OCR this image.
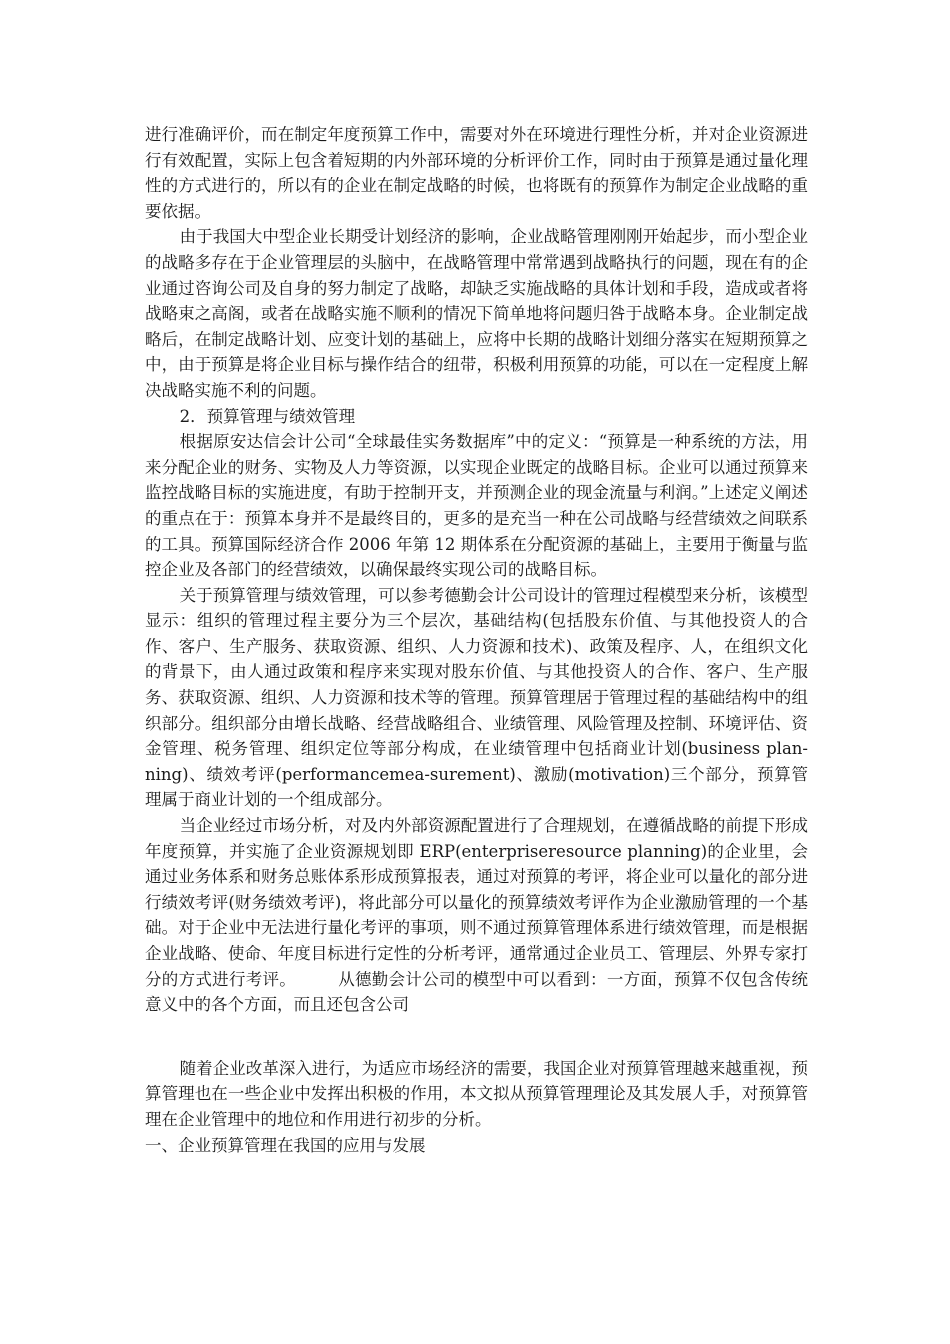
进行准确评价，而在制定年度预算工作中，需要对外在环境进行理性分析，并对企业资源进行有效配置，实际上包含着短期的内外部环境的分析评价工作，同时由于预算是通过量化理性的方式进行的，所以有的企业在制定战略的时候，也将既有的预算作为制定企业战略的重要依据。

由于我国大中型企业长期受计划经济的影响，企业战略管理刚刚开始起步，而小型企业的战略多存在于企业管理层的头脑中，在战略管理中常常遇到战略执行的问题，现在有的企业通过咨询公司及自身的努力制定了战略，却缺乏实施战略的具体计划和手段，造成或者将战略束之高阁，或者在战略实施不顺利的情况下简单地将问题归咎于战略本身。企业制定战略后，在制定战略计划、应变计划的基础上，应将中长期的战略计划细分落实在短期预算之中，由于预算是将企业目标与操作结合的纽带，积极利用预算的功能，可以在一定程度上解决战略实施不利的问题。

2．预算管理与绩效管理

根据原安达信会计公司“全球最佳实务数据库”中的定义：“预算是一种系统的方法，用来分配企业的财务、实物及人力等资源，以实现企业既定的战略目标。企业可以通过预算来监控战略目标的实施进度，有助于控制开支，并预测企业的现金流量与利润。”上述定义阐述的重点在于：预算本身并不是最终目的，更多的是充当一种在公司战略与经营绩效之间联系的工具。预算国际经济合作 2006 年第 12 期体系在分配资源的基础上，主要用于衡量与监控企业及各部门的经营绩效，以确保最终实现公司的战略目标。

关于预算管理与绩效管理，可以参考德勤会计公司设计的管理过程模型来分析，该模型显示：组织的管理过程主要分为三个层次，基础结构(包括股东价值、与其他投资人的合作、客户、生产服务、获取资源、组织、人力资源和技术)、政策及程序、人，在组织文化的背景下，由人通过政策和程序来实现对股东价值、与其他投资人的合作、客户、生产服务、获取资源、组织、人力资源和技术等的管理。预算管理居于管理过程的基础结构中的组织部分。组织部分由增长战略、经营战略组合、业绩管理、风险管理及控制、环境评估、资金管理、税务管理、组织定位等部分构成，在业绩管理中包括商业计划(business plan-ning)、绩效考评(performancemea-surement)、激励(motivation)三个部分，预算管理属于商业计划的一个组成部分。

当企业经过市场分析，对及内外部资源配置进行了合理规划，在遵循战略的前提下形成年度预算，并实施了企业资源规划即 ERP(enterpriseresource planning)的企业里，会通过业务体系和财务总账体系形成预算报表，通过对预算的考评，将企业可以量化的部分进行绩效考评(财务绩效考评)，将此部分可以量化的预算绩效考评作为企业激励管理的一个基础。对于企业中无法进行量化考评的事项，则不通过预算管理体系进行绩效管理，而是根据企业战略、使命、年度目标进行定性的分析考评，通常通过企业员工、管理层、外界专家打分的方式进行考评。　　　从德勤会计公司的模型中可以看到：一方面，预算不仅包含传统意义中的各个方面，而且还包含公司

随着企业改革深入进行，为适应市场经济的需要，我国企业对预算管理越来越重视，预算管理也在一些企业中发挥出积极的作用，本文拟从预算管理理论及其发展人手，对预算管理在企业管理中的地位和作用进行初步的分析。

一、企业预算管理在我国的应用与发展
